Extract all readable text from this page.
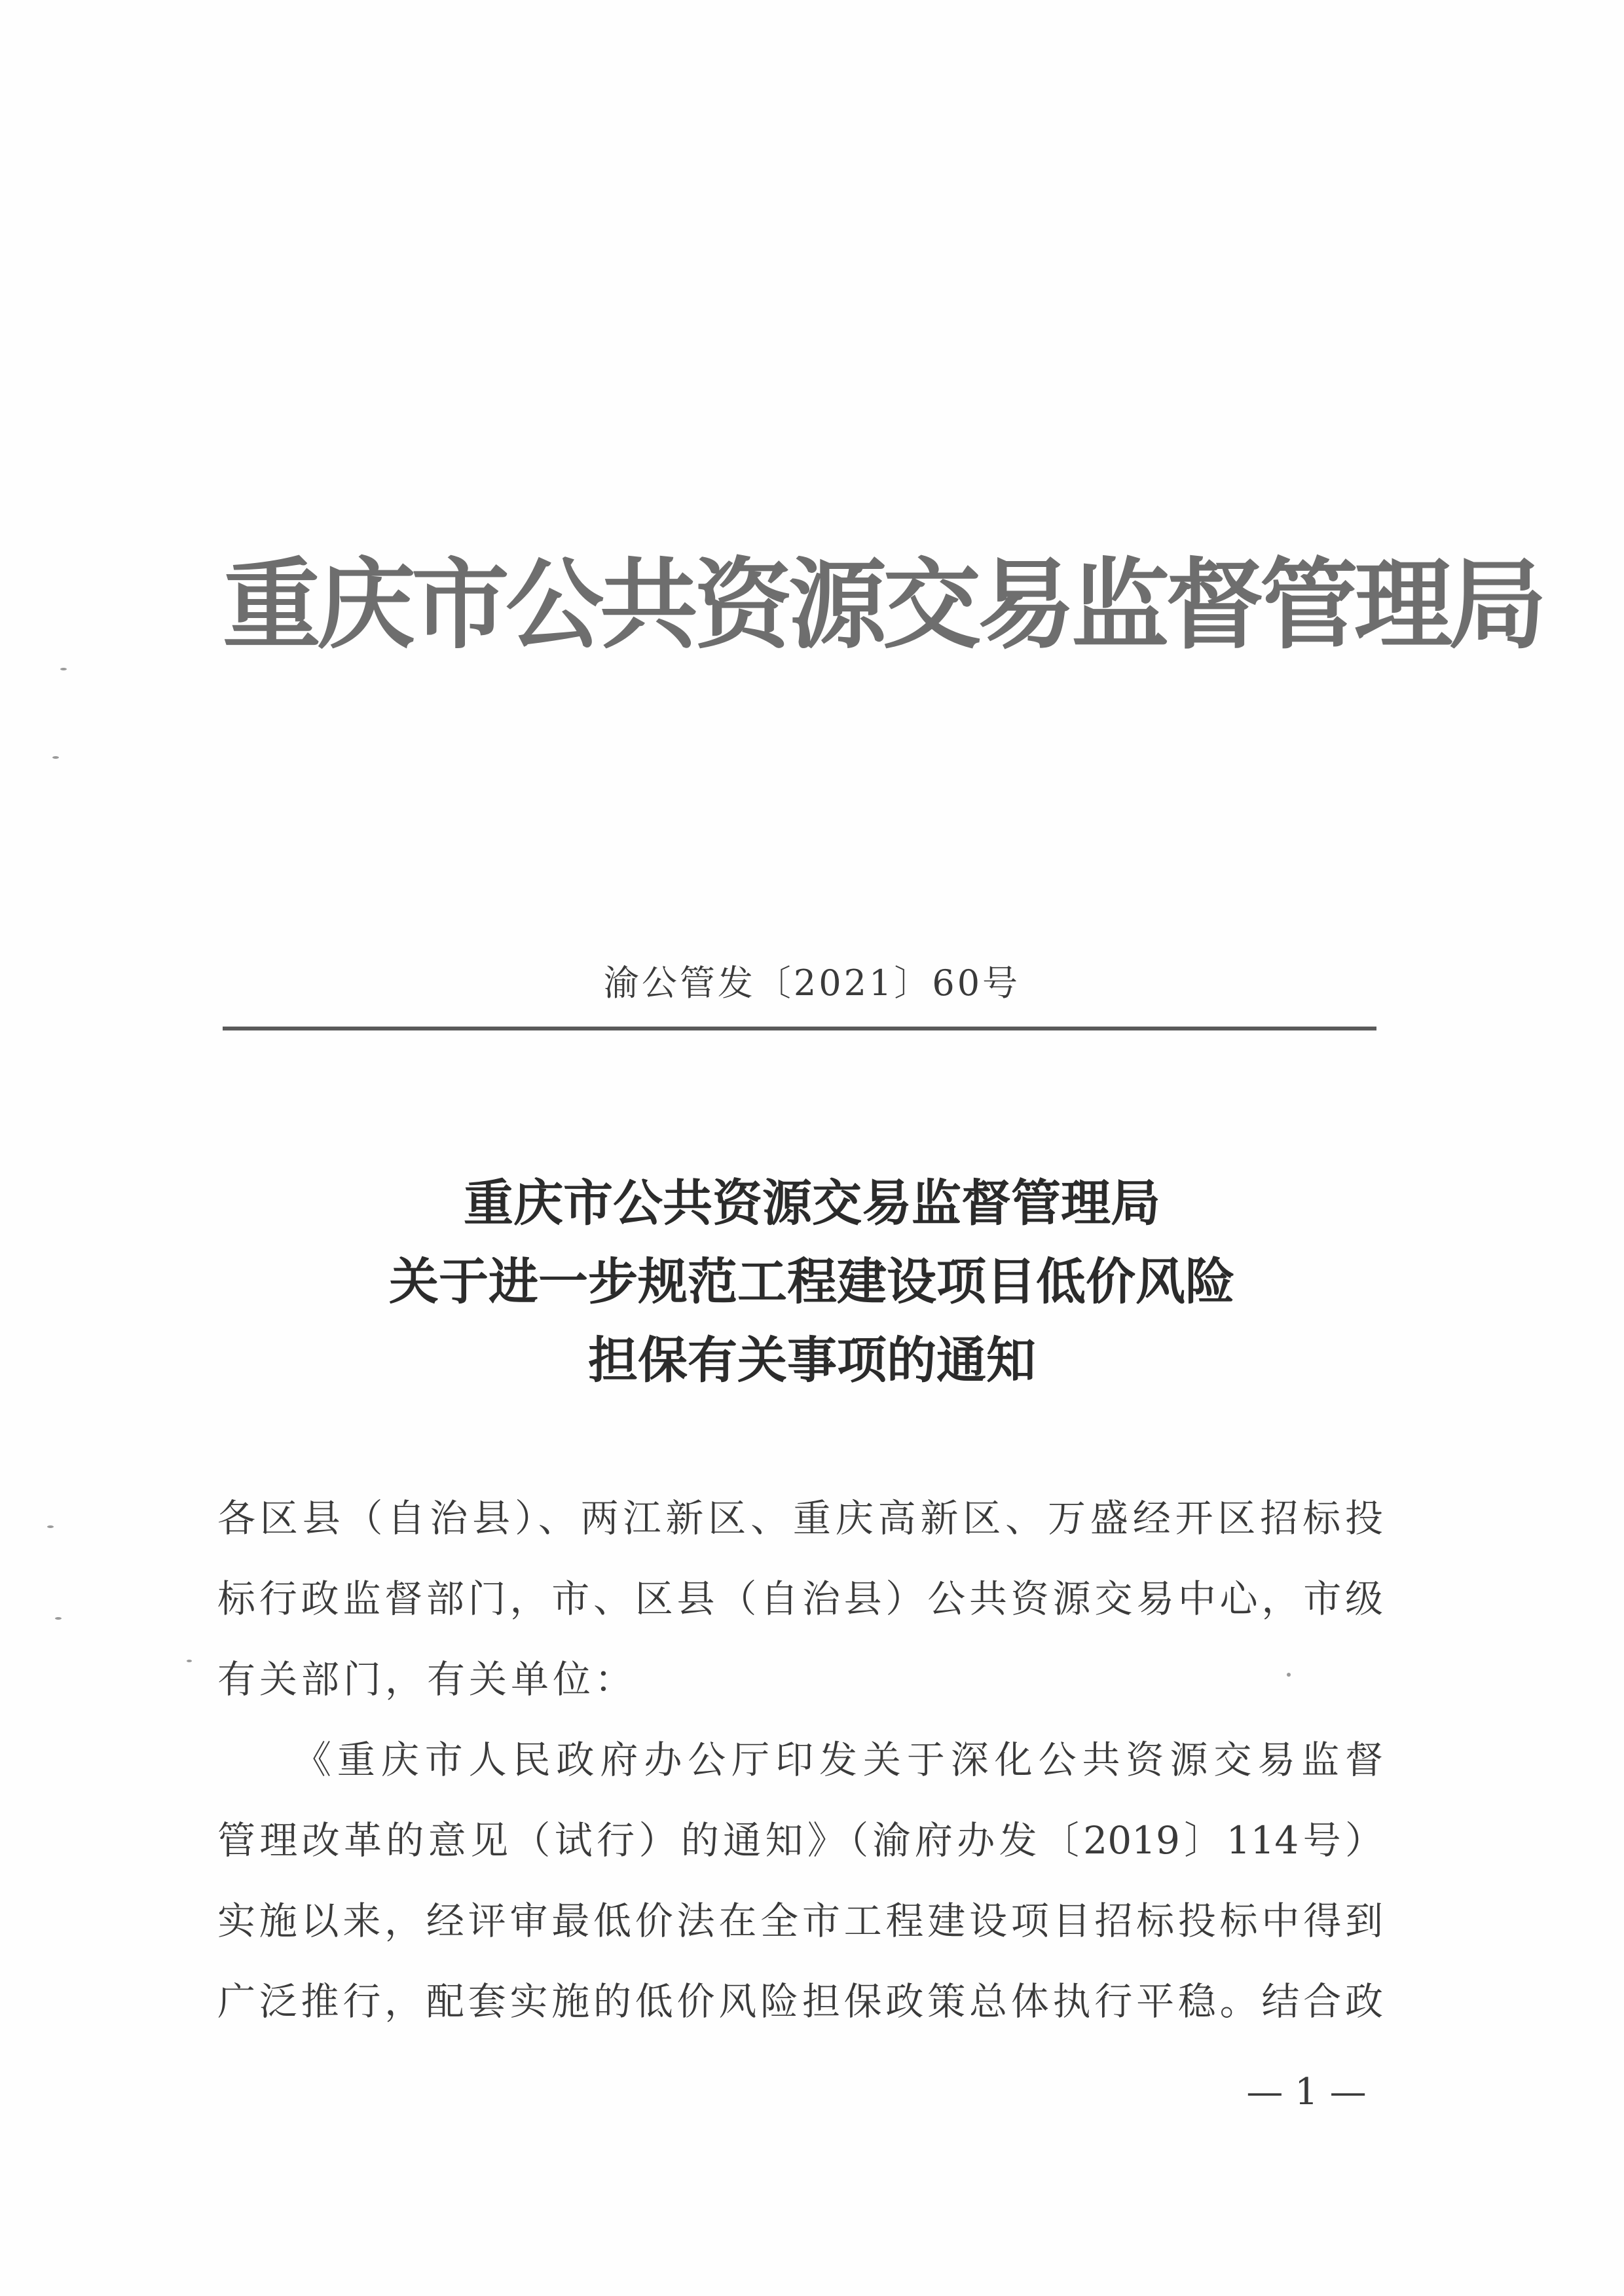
重庆市公共资源交易监督管理局
渝公管发〔2021〕60号
重庆市公共资源交易监督管理局
关于进一步规范工程建设项目低价风险
担保有关事项的通知
各区县（自治县）、两江新区、重庆高新区、万盛经开区招标投
标行政监督部门，市、区县（自治县）公共资源交易中心，市级
有关部门，有关单位：
《重庆市人民政府办公厅印发关于深化公共资源交易监督
管理改革的意见（试行）的通知》（渝府办发〔2019〕114号）
实施以来，经评审最低价法在全市工程建设项目招标投标中得到
广泛推行，配套实施的低价风险担保政策总体执行平稳。结合政
— 1 —
